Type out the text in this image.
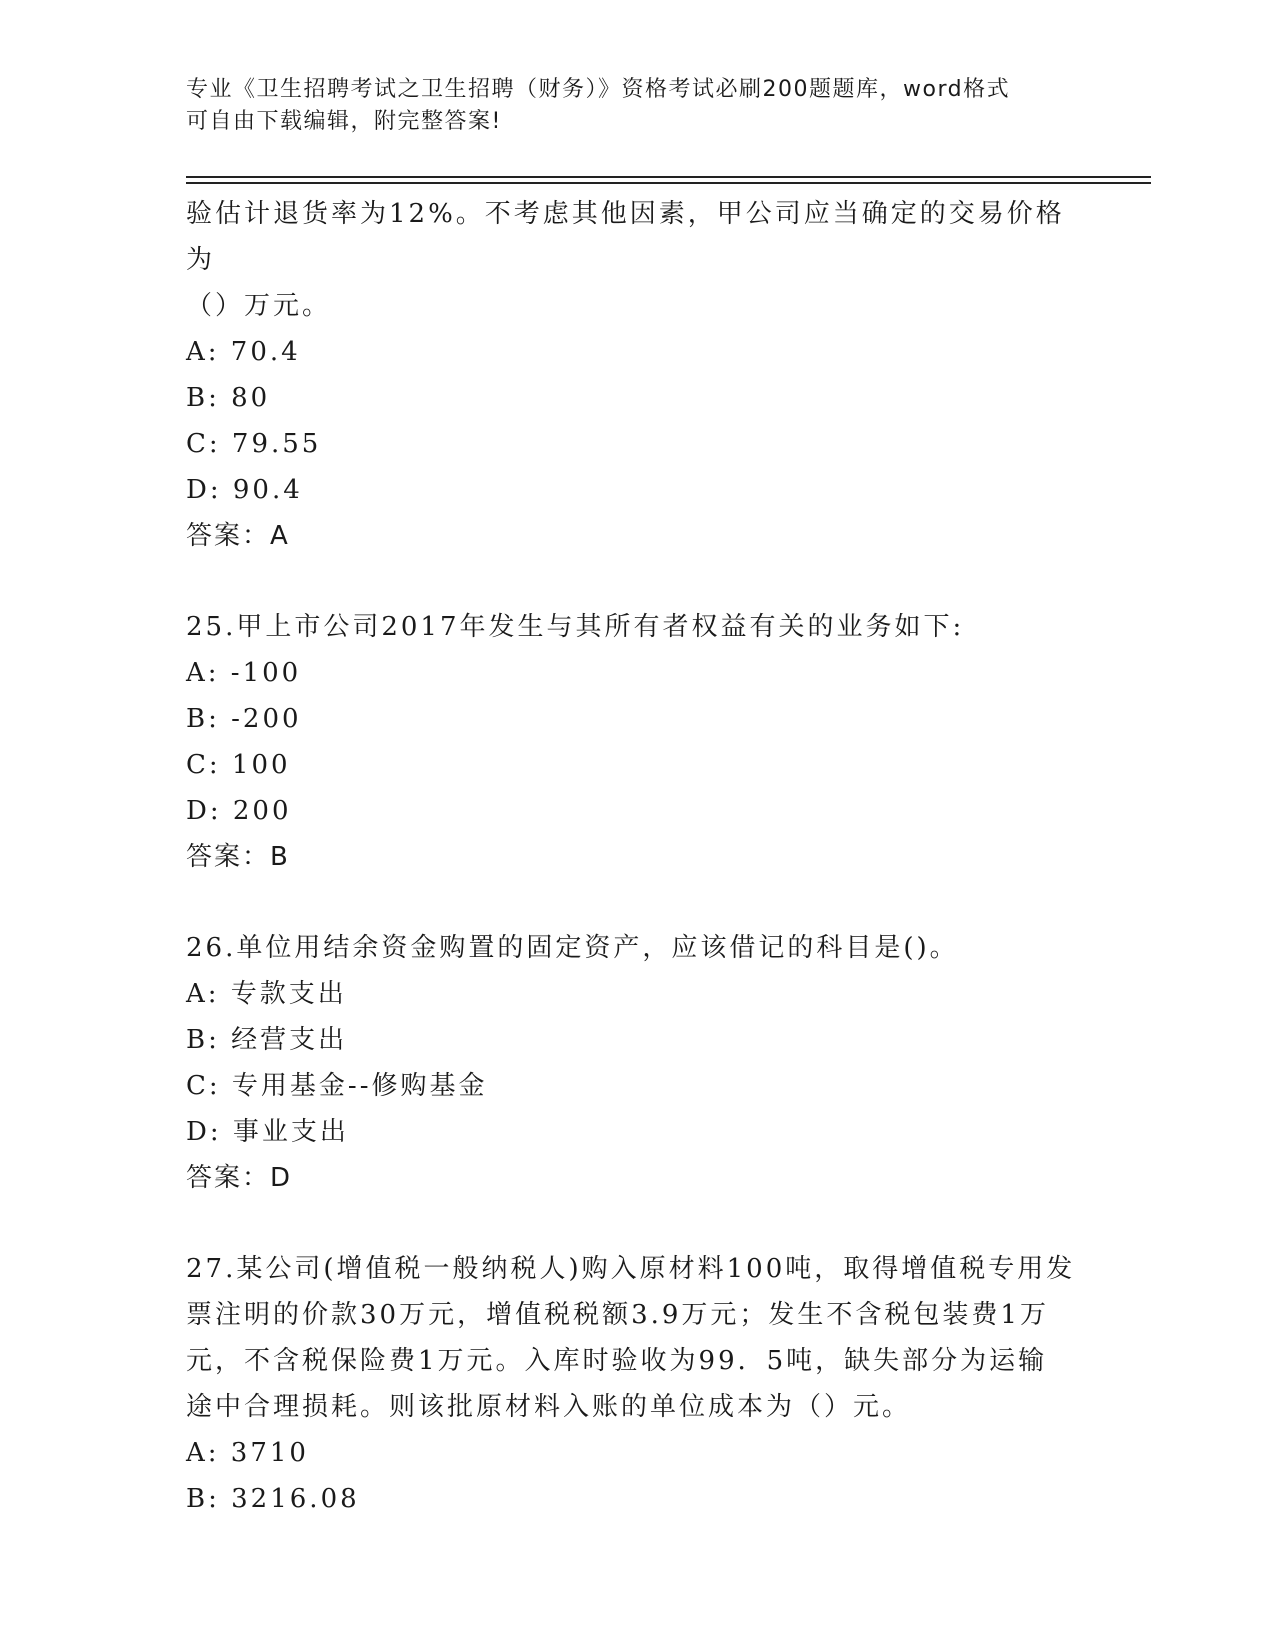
专业《卫生招聘考试之卫生招聘（财务）》资格考试必刷200题题库，word格式
可自由下载编辑，附完整答案!

验估计退货率为12%。不考虑其他因素，甲公司应当确定的交易价格为

（）万元。

A: 70.4

B: 80

C: 79.55

D: 90.4

答案：A

25.甲上市公司2017年发生与其所有者权益有关的业务如下:

A: -100

B: -200

C: 100

D: 200

答案：B

26.单位用结余资金购置的固定资产，应该借记的科目是()。

A: 专款支出

B: 经营支出

C: 专用基金--修购基金

D: 事业支出

答案：D

27.某公司(增值税一般纳税人)购入原材料100吨，取得增值税专用发

票注明的价款30万元，增值税税额3.9万元；发生不含税包装费1万

元，不含税保险费1万元。入库时验收为99．5吨，缺失部分为运输

途中合理损耗。则该批原材料入账的单位成本为（）元。

A: 3710

B: 3216.08
